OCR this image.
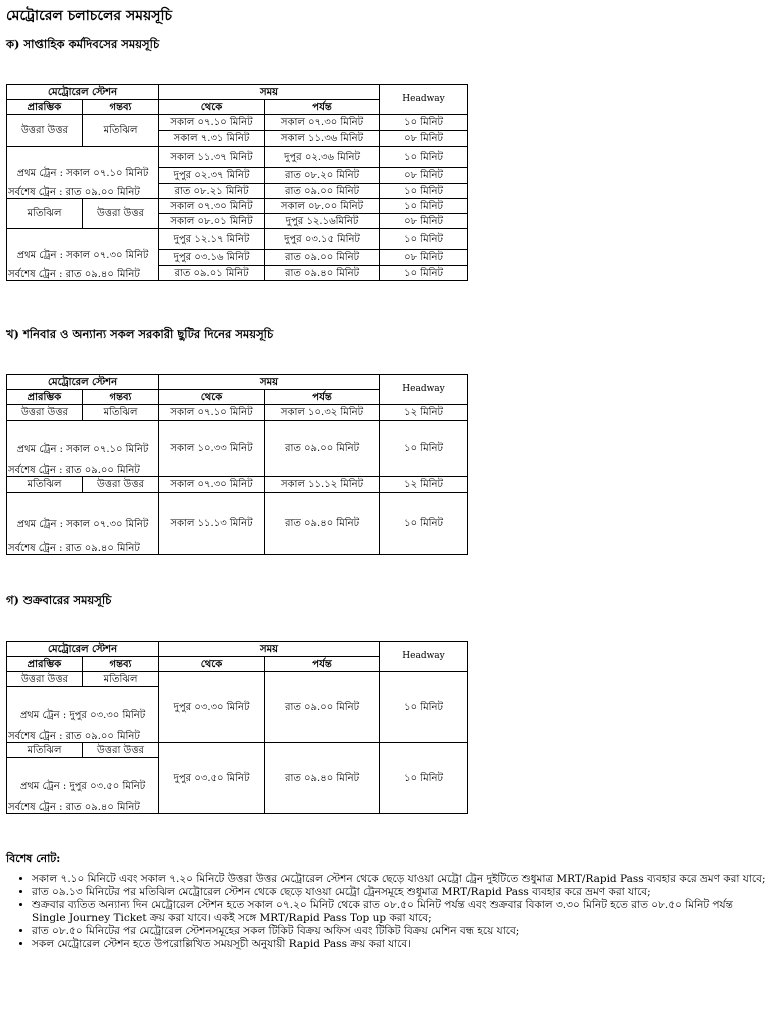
মেট্রোরেল চলাচলের সময়সূচি
ক) সাপ্তাহিক কর্মদিবসের সময়সূচি
মেট্রোরেল স্টেশন		সময়		Headway
প্রারম্ভিক	গন্তব্য	থেকে	পর্যন্ত	
উত্তরা উত্তর	মতিঝিল	সকাল ০৭.১০ মিনিট	সকাল ০৭.৩০ মিনিট	১০ মিনিট
		সকাল ৭.৩১ মিনিট	সকাল ১১.৩৬ মিনিট	০৮ মিনিট

প্রথম ট্রেন : সকাল ০৭.১০ মিনিট
সর্বশেষ ট্রেন : রাত ০৯.০০ মিনিট		সকাল ১১.৩৭ মিনিট	দুপুর ০২.৩৬ মিনিট	১০ মিনিট
		দুপুর ০২.৩৭ মিনিট	রাত ০৮.২০ মিনিট	০৮ মিনিট
		রাত ০৮.২১ মিনিট	রাত ০৯.০০ মিনিট	১০ মিনিট
মতিঝিল	উত্তরা উত্তর	সকাল ০৭.৩০ মিনিট	সকাল ০৮.০০ মিনিট	১০ মিনিট
		সকাল ০৮.০১ মিনিট	দুপুর ১২.১৬মিনিট	০৮ মিনিট

প্রথম ট্রেন : সকাল ০৭.৩০ মিনিট
সর্বশেষ ট্রেন : রাত ০৯.৪০ মিনিট		দুপুর ১২.১৭ মিনিট	দুপুর ০৩.১৫ মিনিট	১০ মিনিট
		দুপুর ০৩.১৬ মিনিট	রাত ০৯.০০ মিনিট	০৮ মিনিট
		রাত ০৯.০১ মিনিট	রাত ০৯.৪০ মিনিট	১০ মিনিট
খ) শনিবার ও অন্যান্য সকল সরকারী ছুটির দিনের সময়সূচি
মেট্রোরেল স্টেশন		সময়		Headway
প্রারম্ভিক	গন্তব্য	থেকে	পর্যন্ত	
উত্তরা উত্তর	মতিঝিল	সকাল ০৭.১০ মিনিট	সকাল ১০.৩২ মিনিট	১২ মিনিট

প্রথম ট্রেন : সকাল ০৭.১০ মিনিট
সর্বশেষ ট্রেন : রাত ০৯.০০ মিনিট		সকাল ১০.৩৩ মিনিট	রাত ০৯.০০ মিনিট	১০ মিনিট
মতিঝিল	উত্তরা উত্তর	সকাল ০৭.৩০ মিনিট	সকাল ১১.১২ মিনিট	১২ মিনিট

প্রথম ট্রেন : সকাল ০৭.৩০ মিনিট
সর্বশেষ ট্রেন : রাত ০৯.৪০ মিনিট		সকাল ১১.১৩ মিনিট	রাত ০৯.৪০ মিনিট	১০ মিনিট
গ) শুক্রবারের সময়সূচি
মেট্রোরেল স্টেশন		সময়		Headway
প্রারম্ভিক	গন্তব্য	থেকে	পর্যন্ত	
উত্তরা উত্তর	মতিঝিল	দুপুর ০৩.৩০ মিনিট	রাত ০৯.০০ মিনিট	১০ মিনিট

প্রথম ট্রেন : দুপুর ০৩.৩০ মিনিট
সর্বশেষ ট্রেন : রাত ০৯.০০ মিনিট				

মতিঝিল	উত্তরা উত্তর	দুপুর ০৩.৫০ মিনিট	রাত ০৯.৪০ মিনিট	১০ মিনিট

প্রথম ট্রেন : দুপুর ০৩.৫০ মিনিট
সর্বশেষ ট্রেন : রাত ০৯.৪০ মিনিট				
বিশেষ নোট:
• সকাল ৭.১০ মিনিটে এবং সকাল ৭.২০ মিনিটে উত্তরা উত্তর মেট্রোরেল স্টেশন থেকে ছেড়ে যাওয়া মেট্রো ট্রেন দুইটিতে শুধুমাত্র MRT/Rapid Pass ব্যবহার করে ভ্রমণ করা যাবে;
• রাত ০৯.১৩ মিনিটের পর মতিঝিল মেট্রোরেল স্টেশন থেকে ছেড়ে যাওয়া মেট্রো ট্রেনসমূহে শুধুমাত্র MRT/Rapid Pass ব্যবহার করে ভ্রমণ করা যাবে;
• শুক্রবার ব্যতিত অন্যান্য দিন মেট্রোরেল স্টেশন হতে সকাল ০৭.২০ মিনিট থেকে রাত ০৮.৫০ মিনিট পর্যন্ত এবং শুক্রবার বিকাল ৩.৩০ মিনিট হতে রাত ০৮.৫০ মিনিট পর্যন্ত Single Journey Ticket ক্রয় করা যাবে। একই সঙ্গে MRT/Rapid Pass Top up করা যাবে;
• রাত ০৮.৫০ মিনিটের পর মেট্রোরেল স্টেশনসমূহের সকল টিকিট বিক্রয় অফিস এবং টিকিট বিক্রয় মেশিন বন্ধ হয়ে যাবে;
• সকল মেট্রোরেল স্টেশন হতে উপরোল্লিখিত সময়সূচী অনুযায়ী Rapid Pass ক্রয় করা যাবে।
